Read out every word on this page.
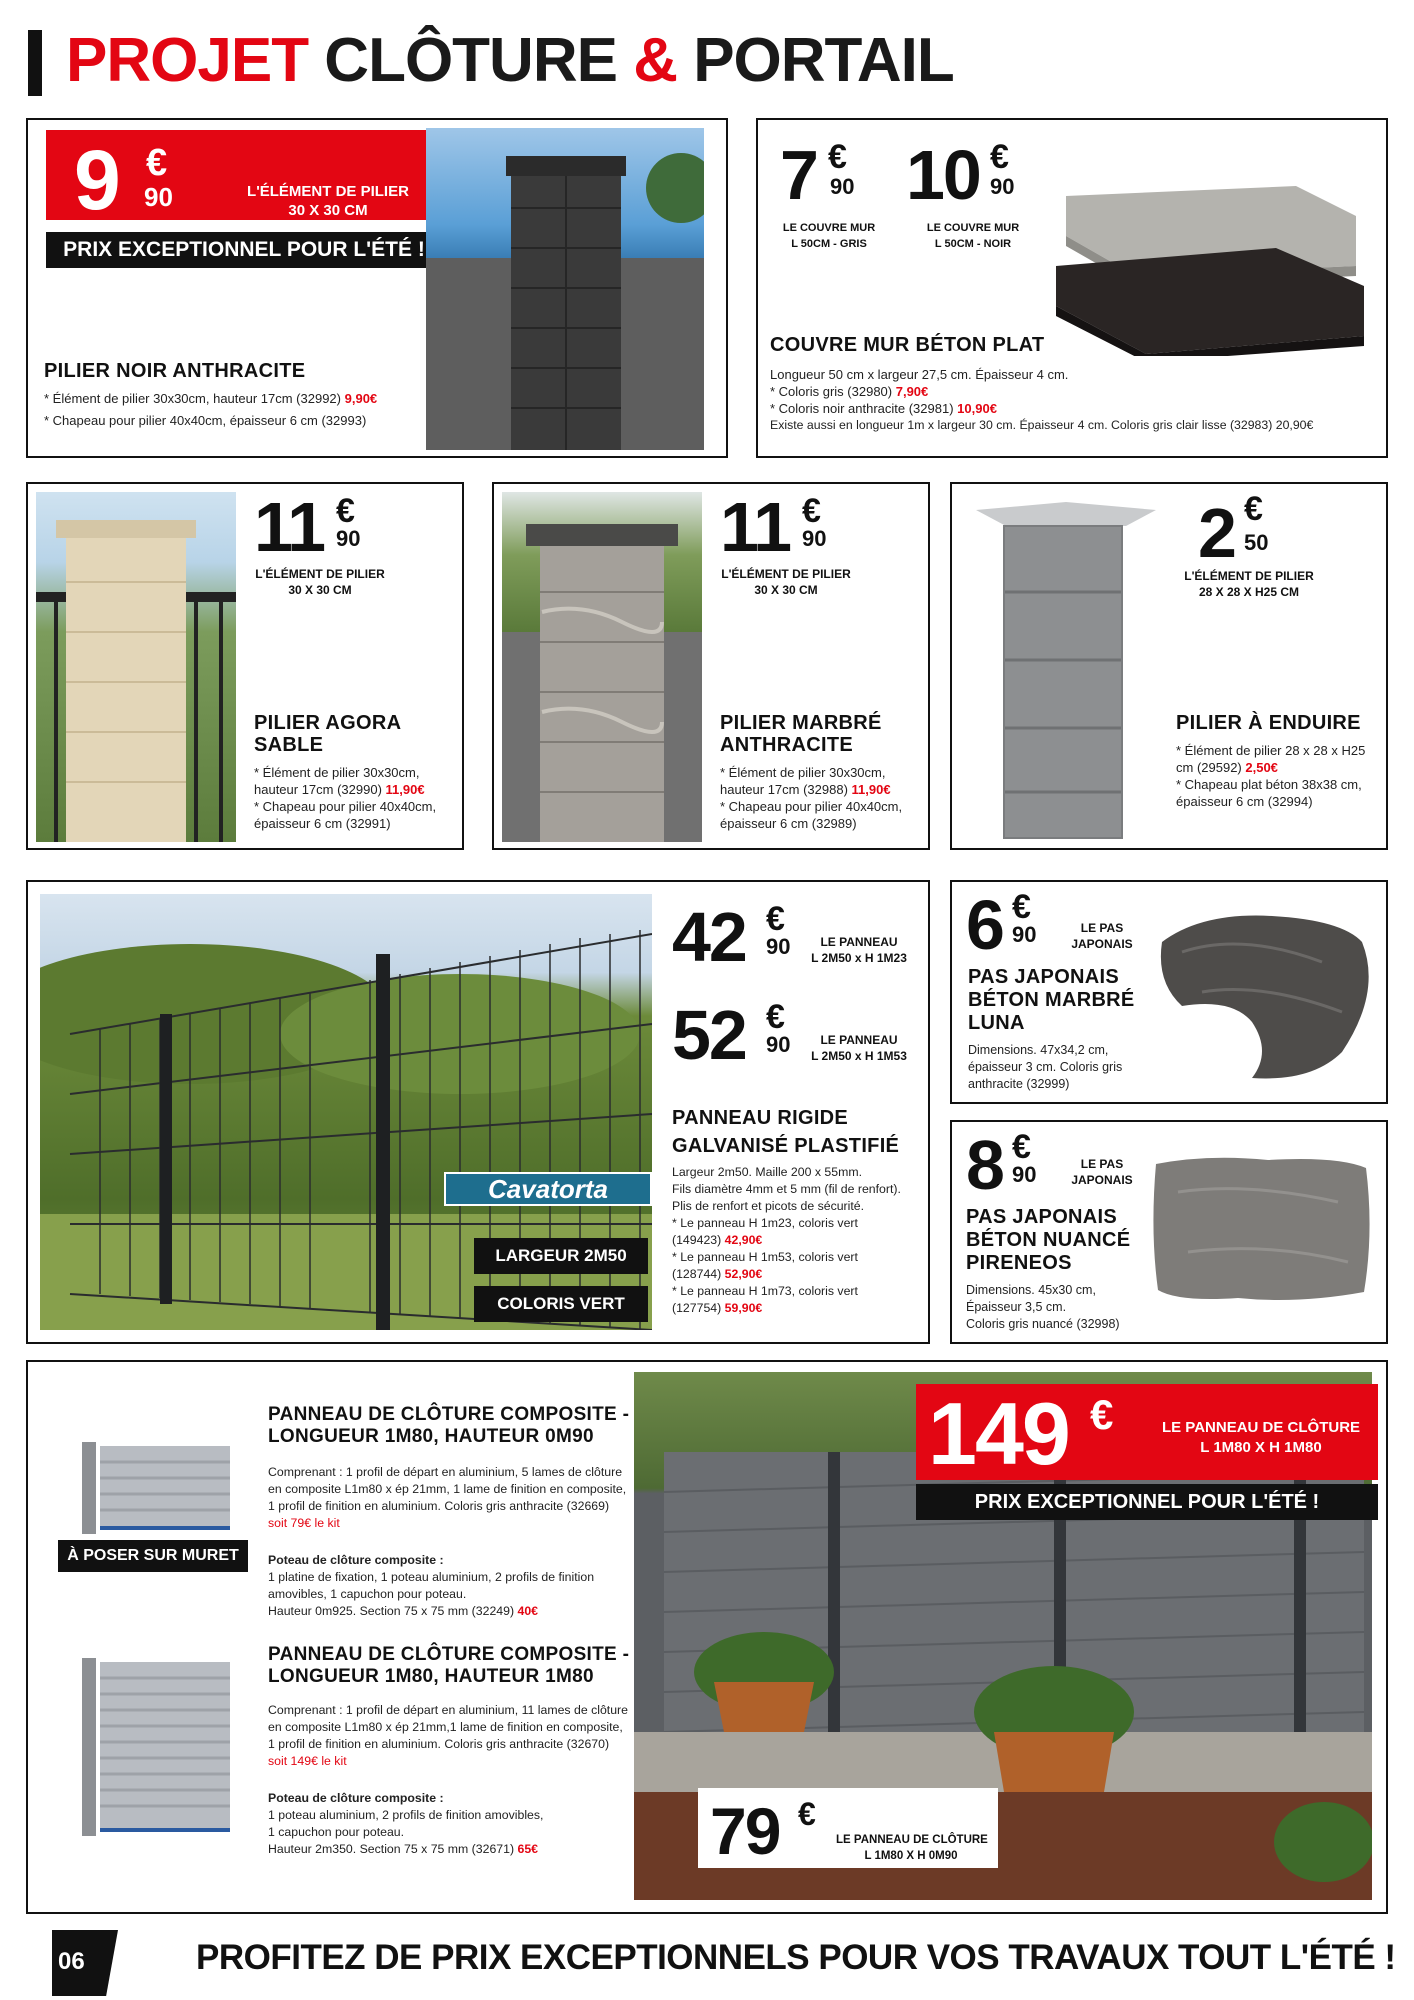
PROJET CLÔTURE & PORTAIL
9 €
90	L'ÉLÉMENT DE PILIER
30 X 30 CM
PRIX EXCEPTIONNEL POUR L'ÉTÉ !
PILIER NOIR ANTHRACITE
* Élément de pilier 30x30cm, hauteur 17cm (32992) 9,90€
* Chapeau pour pilier 40x40cm, épaisseur 6 cm (32993)
7 €
90
LE COUVRE MUR
L 50CM - GRIS
10 €
90
LE COUVRE MUR
L 50CM - NOIR
COUVRE MUR BÉTON PLAT
Longueur 50 cm x largeur 27,5 cm. Épaisseur 4 cm.
* Coloris gris (32980) 7,90€
* Coloris noir anthracite (32981) 10,90€
Existe aussi en longueur 1m x largeur 30 cm. Épaisseur 4 cm. Coloris gris clair lisse (32983) 20,90€
11 €
90
L'ÉLÉMENT DE PILIER
30 X 30 CM
PILIER AGORA
SABLE
* Élément de pilier 30x30cm,
hauteur 17cm (32990) 11,90€
* Chapeau pour pilier 40x40cm,
épaisseur 6 cm (32991)
11 €
90
L'ÉLÉMENT DE PILIER
30 X 30 CM
PILIER MARBRÉ
ANTHRACITE
* Élément de pilier 30x30cm,
hauteur 17cm (32988) 11,90€
* Chapeau pour pilier 40x40cm,
épaisseur 6 cm (32989)
2 €
50
L'ÉLÉMENT DE PILIER
28 X 28 X H25 CM
PILIER À ENDUIRE
* Élément de pilier 28 x 28 x H25
cm (29592) 2,50€
* Chapeau plat béton 38x38 cm,
épaisseur 6 cm (32994)
Cavatorta
LARGEUR 2M50
COLORIS VERT
42 €
90	LE PANNEAU
L 2M50 x H 1M23
52 €
90	LE PANNEAU
L 2M50 x H 1M53
PANNEAU RIGIDE
GALVANISÉ PLASTIFIÉ
Largeur 2m50. Maille 200 x 55mm.
Fils diamètre 4mm et 5 mm (fil de renfort).
Plis de renfort et picots de sécurité.
* Le panneau H 1m23, coloris vert
(149423) 42,90€
* Le panneau H 1m53, coloris vert
(128744) 52,90€
* Le panneau H 1m73, coloris vert
(127754) 59,90€
6 €
90	LE PAS
JAPONAIS
PAS JAPONAIS
BÉTON MARBRÉ
LUNA
Dimensions. 47x34,2 cm,
épaisseur 3 cm. Coloris gris
anthracite (32999)
8 €
90	LE PAS
JAPONAIS
PAS JAPONAIS
BÉTON NUANCÉ
PIRENEOS
Dimensions. 45x30 cm,
Épaisseur 3,5 cm.
Coloris gris nuancé (32998)
À POSER SUR MURET
PANNEAU DE CLÔTURE COMPOSITE -
LONGUEUR 1M80, HAUTEUR 0M90
Comprenant : 1 profil de départ en aluminium, 5 lames de clôture
en composite L1m80 x ép 21mm, 1 lame de finition en composite,
1 profil de finition en aluminium. Coloris gris anthracite (32669)
soit 79€ le kit
Poteau de clôture composite :
1 platine de fixation, 1 poteau aluminium, 2 profils de finition
amovibles, 1 capuchon pour poteau.
Hauteur 0m925. Section 75 x 75 mm (32249) 40€
PANNEAU DE CLÔTURE COMPOSITE -
LONGUEUR 1M80, HAUTEUR 1M80
Comprenant : 1 profil de départ en aluminium, 11 lames de clôture
en composite L1m80 x ép 21mm,1 lame de finition en composite,
1 profil de finition en aluminium. Coloris gris anthracite (32670)
soit 149€ le kit
Poteau de clôture composite :
1 poteau aluminium, 2 profils de finition amovibles,
1 capuchon pour poteau.
Hauteur 2m350. Section 75 x 75 mm (32671) 65€
149 €	LE PANNEAU DE CLÔTURE
L 1M80 X H 1M80
PRIX EXCEPTIONNEL POUR L'ÉTÉ !
79 €
LE PANNEAU DE CLÔTURE
L 1M80 X H 0M90
06	PROFITEZ DE PRIX EXCEPTIONNELS POUR VOS TRAVAUX TOUT L'ÉTÉ !
